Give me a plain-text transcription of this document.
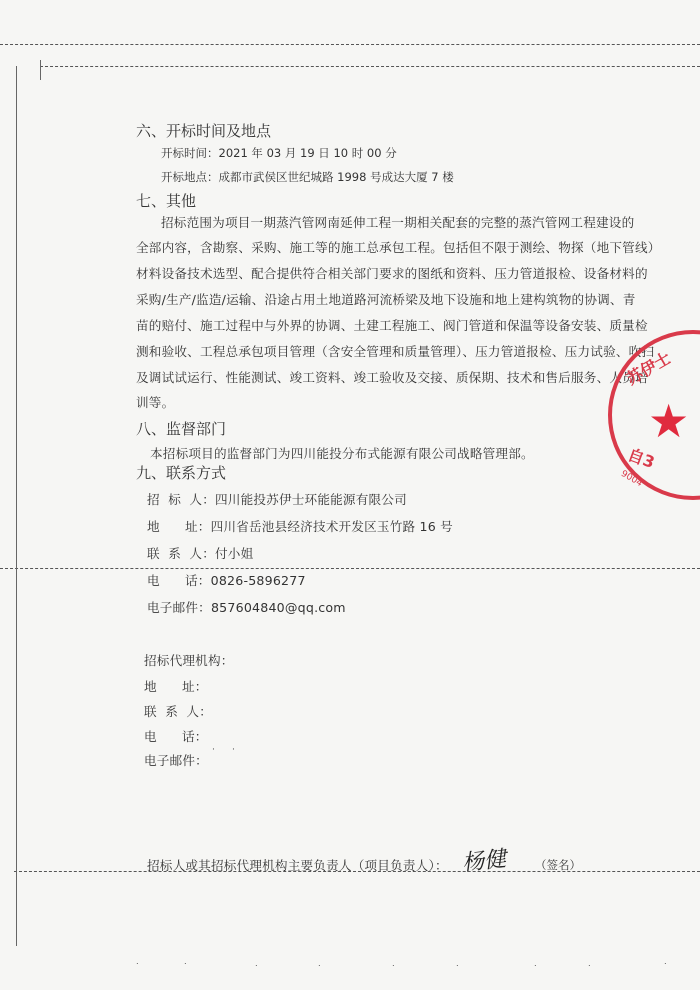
六、开标时间及地点
开标时间：2021 年 03 月 19 日 10 时 00 分
开标地点：成都市武侯区世纪城路 1998 号成达大厦 7 楼
七、其他
招标范围为项目一期蒸汽管网南延伸工程一期相关配套的完整的蒸汽管网工程建设的
全部内容，含勘察、采购、施工等的施工总承包工程。包括但不限于测绘、物探（地下管线）
材料设备技术选型、配合提供符合相关部门要求的图纸和资料、压力管道报检、设备材料的
采购/生产/监造/运输、沿途占用土地道路河流桥梁及地下设施和地上建构筑物的协调、青
苗的赔付、施工过程中与外界的协调、土建工程施工、阀门管道和保温等设备安装、质量检
测和验收、工程总承包项目管理（含安全管理和质量管理）、压力管道报检、压力试验、吹扫
及调试试运行、性能测试、竣工资料、竣工验收及交接、质保期、技术和售后服务、人员培
训等。
八、监督部门
本招标项目的监督部门为四川能投分布式能源有限公司战略管理部。
九、联系方式
招  标  人：四川能投苏伊士环能能源有限公司
地      址：四川省岳池县经济技术开发区玉竹路 16 号
联  系  人：付小姐
电      话：0826-5896277
电子邮件：857604840@qq.com
招标代理机构：
地      址：
联  系  人：
电      话：
电子邮件：
招标人或其招标代理机构主要负责人（项目负责人）： 杨健 （签名）
苏伊士
★
自3
9004
ᐧ	ᐧ	ᐧ	ᐧ	ᐧ	ᐧ	ᐧ	ᐧ	ᐧ
· ·
